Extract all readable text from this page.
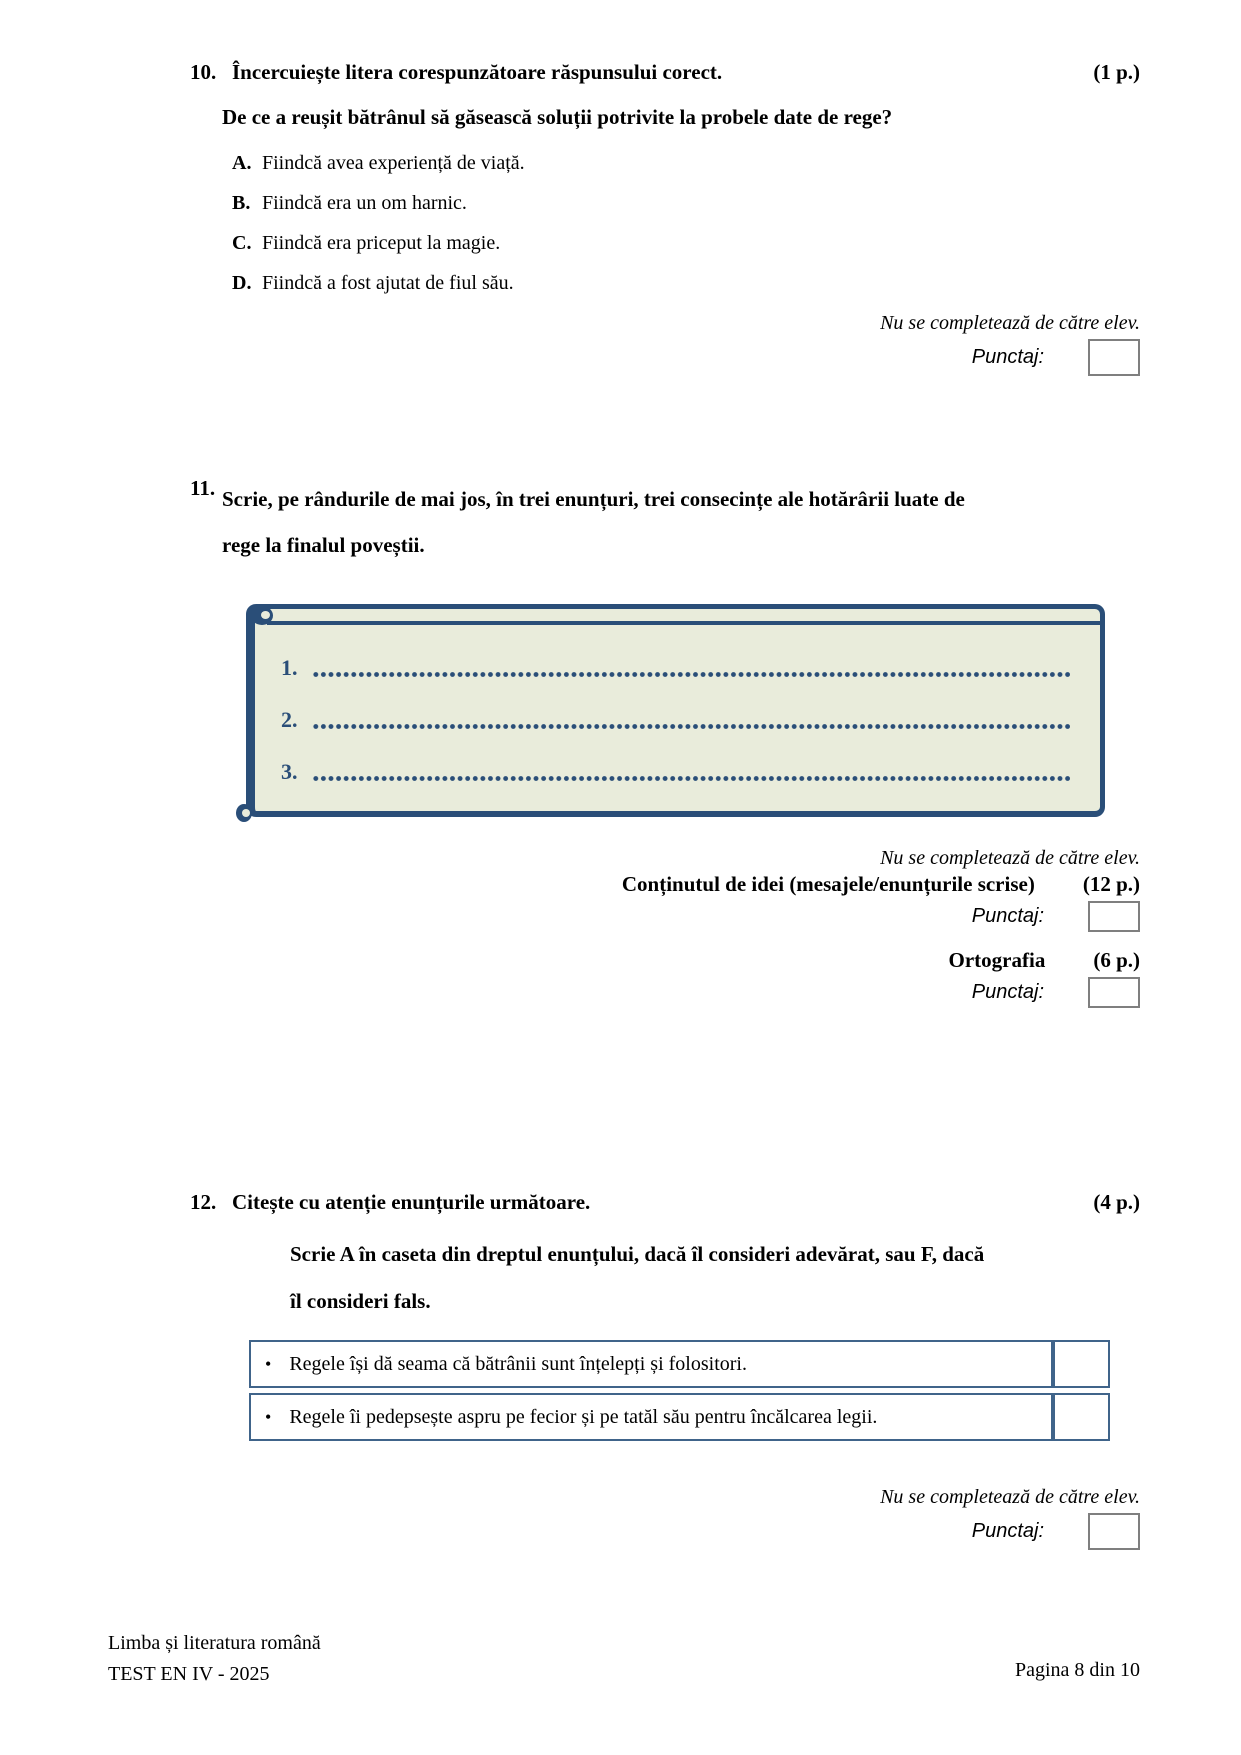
10. Încercuiește litera corespunzătoare răspunsului corect.	(1 p.)
De ce a reușit bătrânul să găsească soluții potrivite la probele date de rege?
A. Fiindcă avea experiență de viață.
B. Fiindcă era un om harnic.
C. Fiindcă era priceput la magie.
D. Fiindcă a fost ajutat de fiul său.
Nu se completează de către elev.
Punctaj:
11. Scrie, pe rândurile de mai jos, în trei enunțuri, trei consecințe ale hotărârii luate de
rege la finalul poveștii.
1.
2.
3.
Nu se completează de către elev.
Conținutul de idei (mesajele/enunțurile scrise) (12 p.)
Punctaj:
Ortografia (6 p.)
Punctaj:
12. Citește cu atenție enunțurile următoare.	(4 p.)
Scrie A în caseta din dreptul enunțului, dacă îl consideri adevărat, sau F, dacă
îl consideri fals.
• Regele își dă seama că bătrânii sunt înțelepți și folositori.	
• Regele îi pedepsește aspru pe fecior și pe tatăl său pentru încălcarea legii.	
Nu se completează de către elev.
Punctaj:
Limba și literatura română
TEST EN IV - 2025	Pagina 8 din 10
